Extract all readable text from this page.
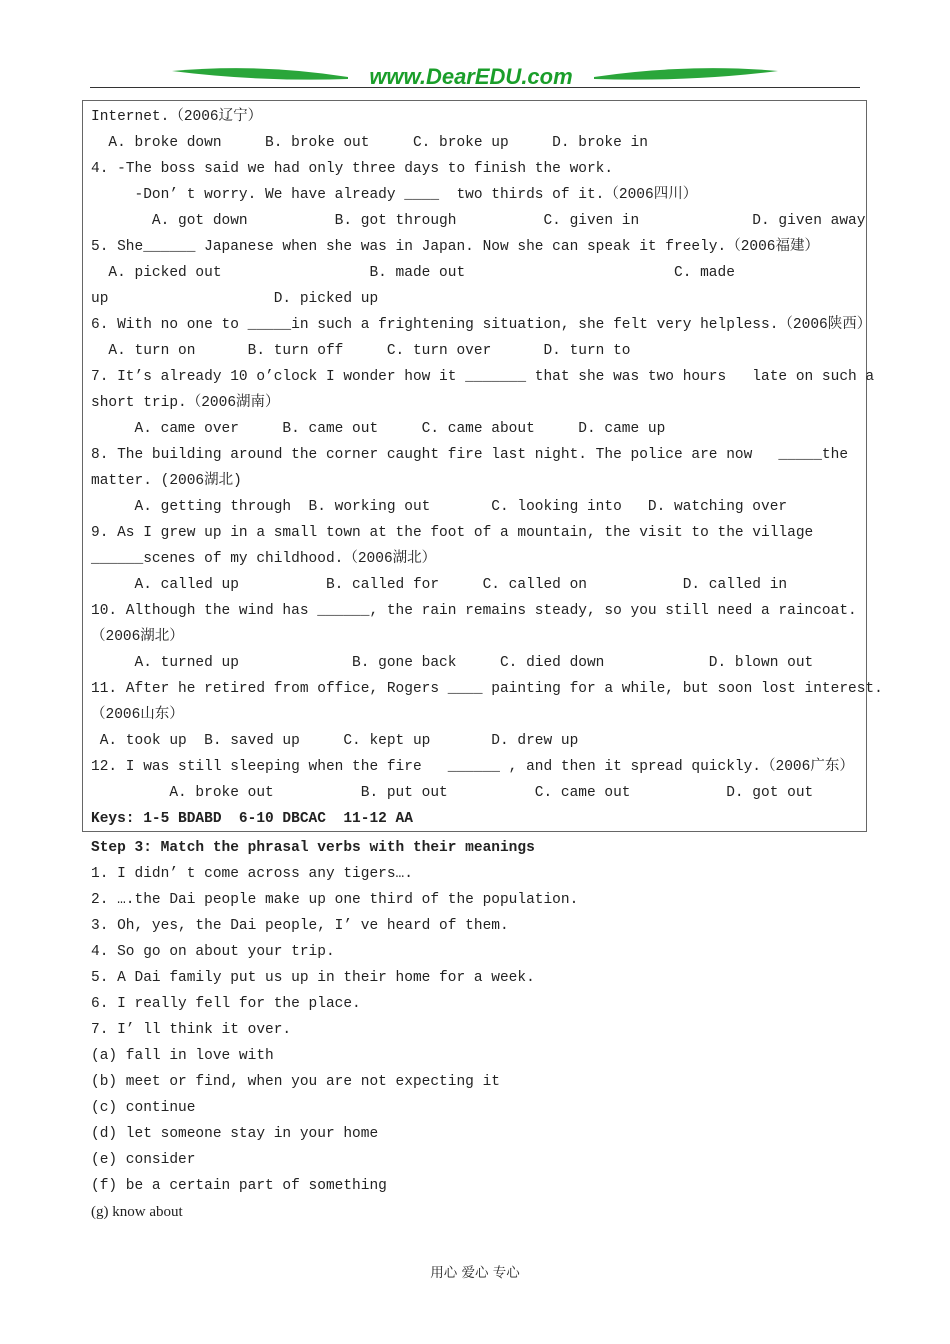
www.DearEDU.com
Internet.（2006辽宁）
A. broke down     B. broke out     C. broke up     D. broke in
4. -The boss said we had only three days to finish the work.
-Don’ t worry. We have already ____  two thirds of it.（2006四川）
A. got down          B. got through          C. given in             D. given away
5. She______ Japanese when she was in Japan. Now she can speak it freely.（2006福建）
A. picked out                 B. made out                        C. made
up                   D. picked up
6. With no one to _____in such a frightening situation, she felt very helpless.（2006陕西）
A. turn on      B. turn off     C. turn over      D. turn to
7. It’s already 10 o’clock I wonder how it _______ that she was two hours   late on such a
short trip.（2006湖南）
A. came over     B. came out     C. came about     D. came up
8. The building around the corner caught fire last night. The police are now   _____the
matter. (2006湖北)
A. getting through  B. working out       C. looking into   D. watching over
9. As I grew up in a small town at the foot of a mountain, the visit to the village
______scenes of my childhood.（2006湖北）
A. called up          B. called for     C. called on           D. called in
10. Although the wind has ______, the rain remains steady, so you still need a raincoat.
（2006湖北）
A. turned up             B. gone back     C. died down            D. blown out
11. After he retired from office, Rogers ____ painting for a while, but soon lost interest.
（2006山东）
A. took up  B. saved up     C. kept up       D. drew up
12. I was still sleeping when the fire   ______ , and then it spread quickly.（2006广东）
A. broke out          B. put out          C. came out           D. got out
Keys: 1-5 BDABD  6-10 DBCAC  11-12 AA
Step 3: Match the phrasal verbs with their meanings
1. I didn’ t come across any tigers….
2. ….the Dai people make up one third of the population.
3. Oh, yes, the Dai people, I’ ve heard of them.
4. So go on about your trip.
5. A Dai family put us up in their home for a week.
6. I really fell for the place.
7. I’ ll think it over.
(a) fall in love with
(b) meet or find, when you are not expecting it
(c) continue
(d) let someone stay in your home
(e) consider
(f) be a certain part of something
(g) know about
用心 爱心 专心
